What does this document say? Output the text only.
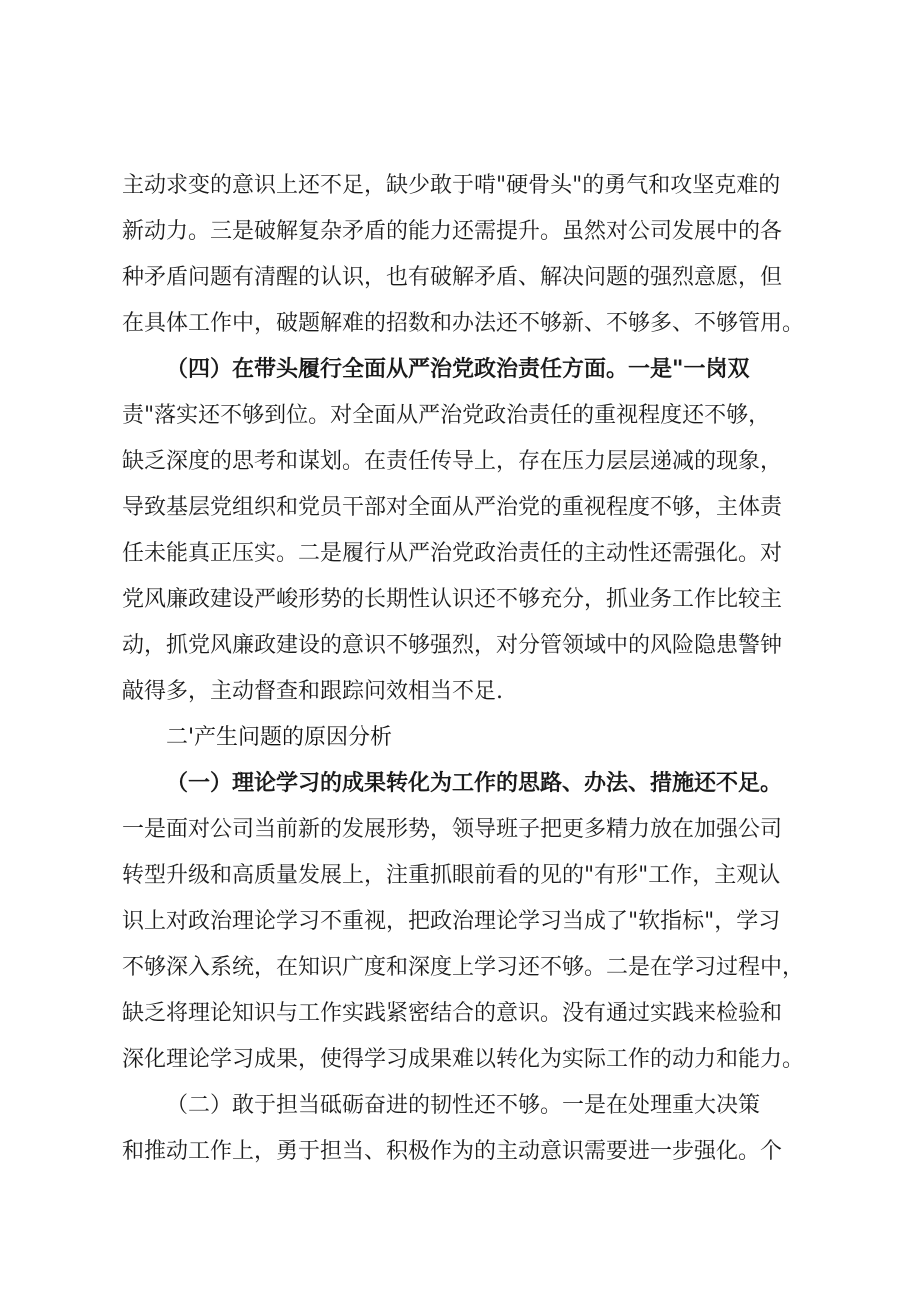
主动求变的意识上还不足，缺少敢于啃"硬骨头"的勇气和攻坚克难的
新动力。三是破解复杂矛盾的能力还需提升。虽然对公司发展中的各
种矛盾问题有清醒的认识，也有破解矛盾、解决问题的强烈意愿，但
在具体工作中，破题解难的招数和办法还不够新、不够多、不够管用。
（四）在带头履行全面从严治党政治责任方面。一是"一岗双
责"落实还不够到位。对全面从严治党政治责任的重视程度还不够，
缺乏深度的思考和谋划。在责任传导上，存在压力层层递减的现象，
导致基层党组织和党员干部对全面从严治党的重视程度不够，主体责
任未能真正压实。二是履行从严治党政治责任的主动性还需强化。对
党风廉政建设严峻形势的长期性认识还不够充分，抓业务工作比较主
动，抓党风廉政建设的意识不够强烈，对分管领域中的风险隐患警钟
敲得多，主动督查和跟踪问效相当不足.
二'产生问题的原因分析
（一）理论学习的成果转化为工作的思路、办法、措施还不足。
一是面对公司当前新的发展形势，领导班子把更多精力放在加强公司
转型升级和高质量发展上，注重抓眼前看的见的"有形"工作，主观认
识上对政治理论学习不重视，把政治理论学习当成了"软指标"，学习
不够深入系统，在知识广度和深度上学习还不够。二是在学习过程中，
缺乏将理论知识与工作实践紧密结合的意识。没有通过实践来检验和
深化理论学习成果，使得学习成果难以转化为实际工作的动力和能力。
（二）敢于担当砥砺奋进的韧性还不够。一是在处理重大决策
和推动工作上，勇于担当、积极作为的主动意识需要进一步强化。个
